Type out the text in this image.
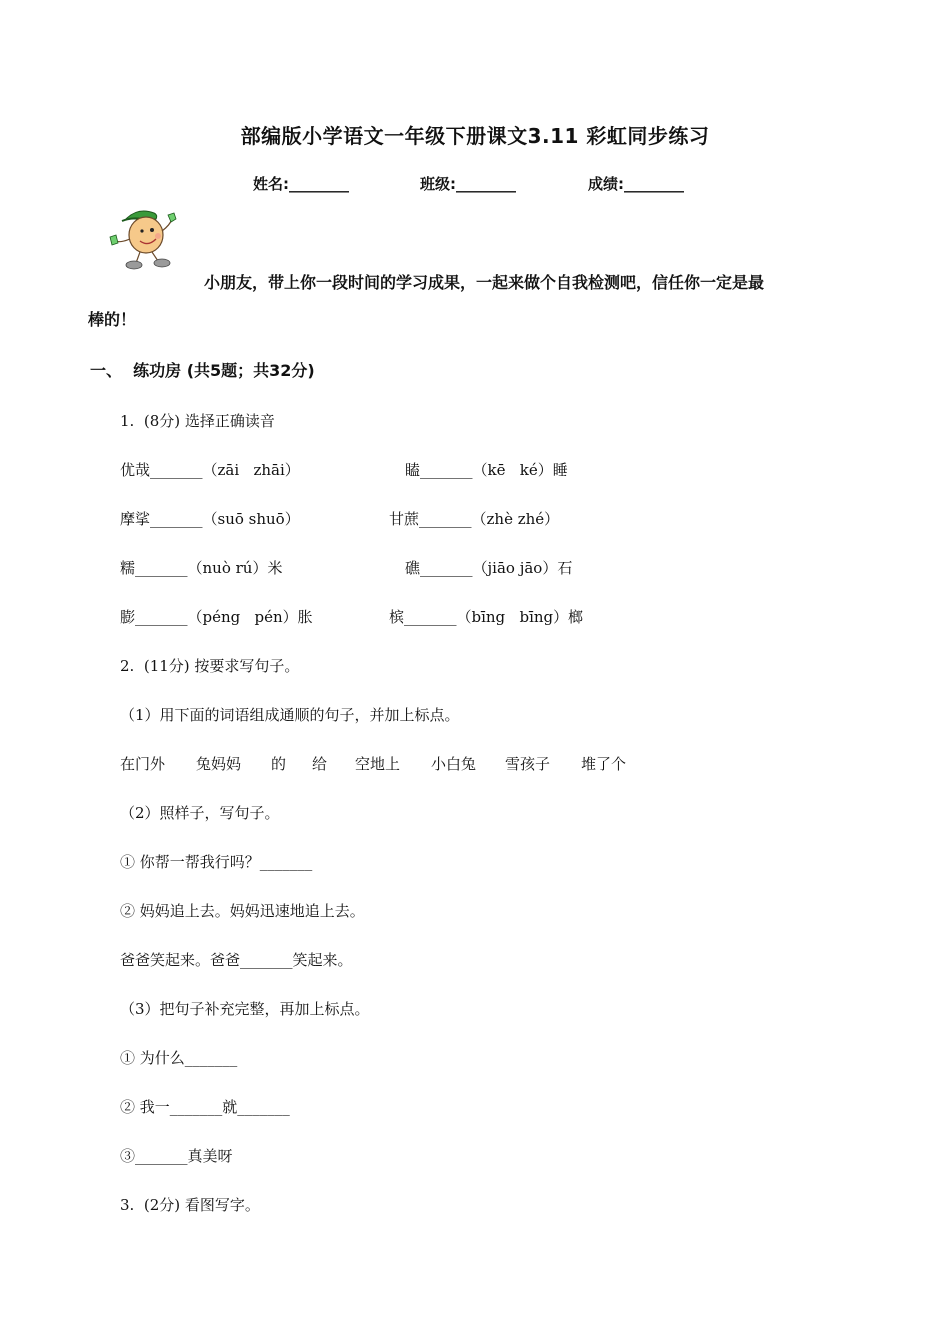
部编版小学语文一年级下册课文3.11 彩虹同步练习
姓名:________	班级:________	成绩:________
小朋友，带上你一段时间的学习成果，一起来做个自我检测吧，信任你一定是最
棒的！
一、  练功房 (共5题；共32分)
1.  (8分) 选择正确读音
优哉_______（zāi   zhāi）	瞌_______（kē   ké）睡
摩挲_______（suō shuō）	甘蔗_______（zhè zhé）
糯_______（nuò rú）米	礁_______（jiāo jāo）石
膨_______（péng   pén）胀	槟_______（bīng   bīng）榔
2.  (11分) 按要求写句子。
（1）用下面的词语组成通顺的句子，并加上标点。
在门外 兔妈妈 的 给 空地上 小白兔 雪孩子 堆了个
（2）照样子，写句子。
① 你帮一帮我行吗？_______
② 妈妈追上去。妈妈迅速地追上去。
爸爸笑起来。爸爸_______笑起来。
（3）把句子补充完整，再加上标点。
① 为什么_______
② 我一_______就_______
③_______真美呀
3.  (2分) 看图写字。
